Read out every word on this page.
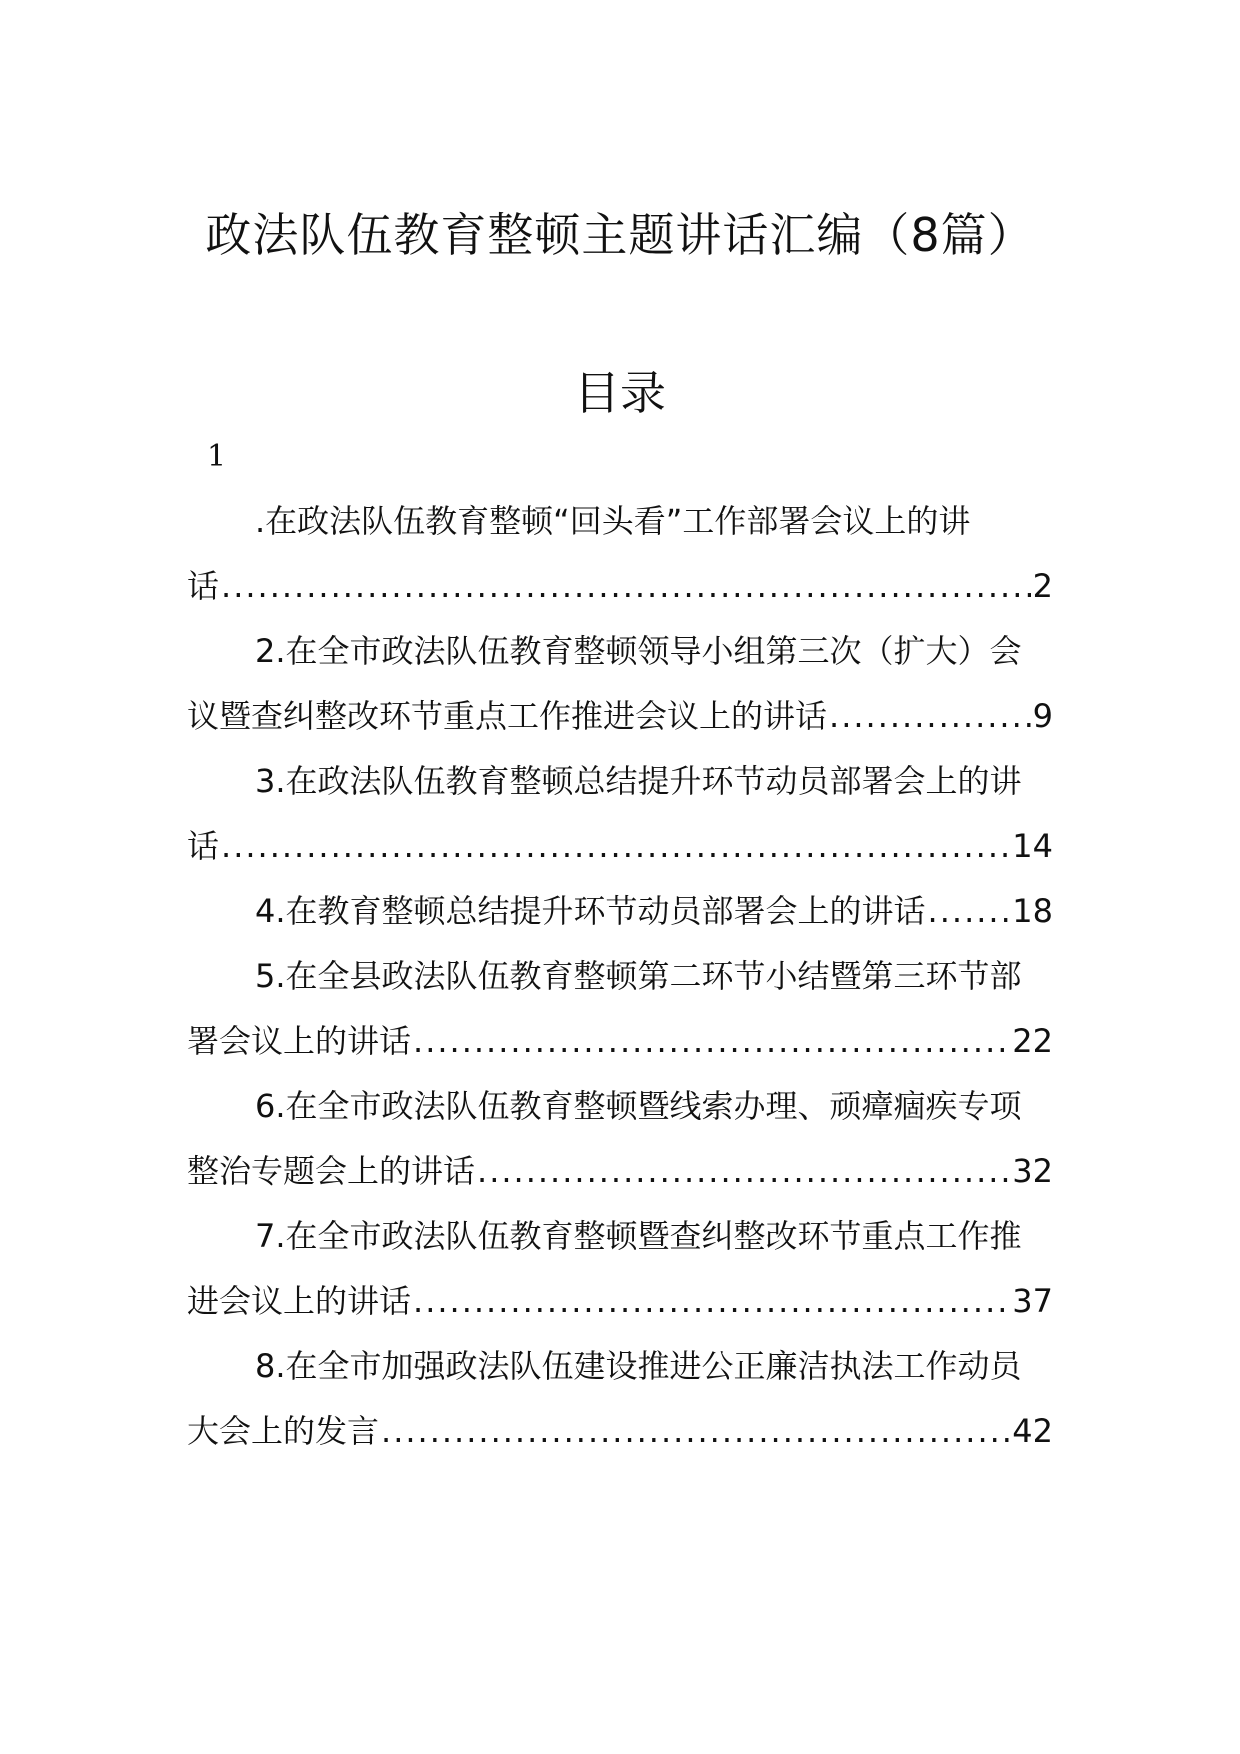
政法队伍教育整顿主题讲话汇编（8篇）
目录
1
.在政法队伍教育整顿“回头看”工作部署会议上的讲
话 .....	2
2.在全市政法队伍教育整顿领导小组第三次（扩大）会
议暨查纠整改环节重点工作推进会议上的讲话 .....	9
3.在政法队伍教育整顿总结提升环节动员部署会上的讲
话 .....	14
4.在教育整顿总结提升环节动员部署会上的讲话 .....	18
5.在全县政法队伍教育整顿第二环节小结暨第三环节部
署会议上的讲话 .....	22
6.在全市政法队伍教育整顿暨线索办理、顽瘴痼疾专项
整治专题会上的讲话 .....	32
7.在全市政法队伍教育整顿暨查纠整改环节重点工作推
进会议上的讲话 .....	37
8.在全市加强政法队伍建设推进公正廉洁执法工作动员
大会上的发言 .....	42
